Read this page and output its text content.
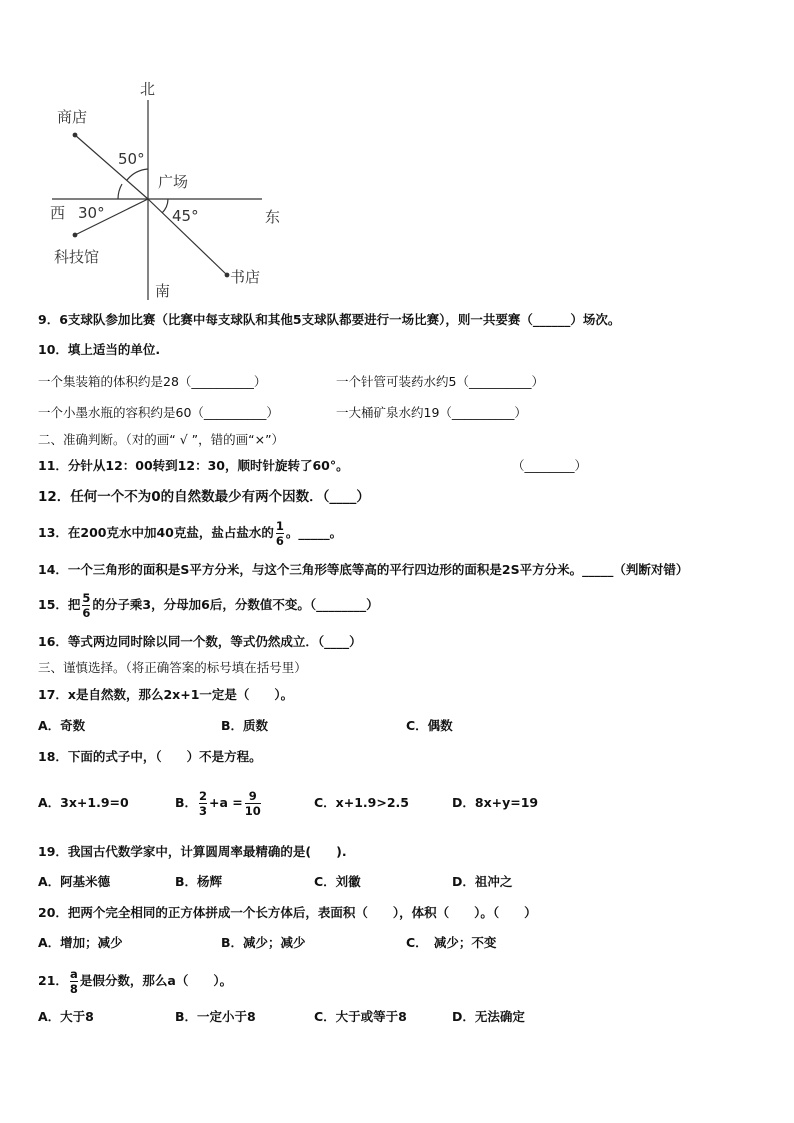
北
南
西	东
广场
商店
科技馆
书店
50°
30°	45°
9．6支球队参加比赛（比赛中每支球队和其他5支球队都要进行一场比赛），则一共要赛（______）场次。
10．填上适当的单位.
一个集装箱的体积约是28（__________）	一个针管可装药水约5（__________）
一个小墨水瓶的容积约是60（__________）	一大桶矿泉水约19（__________）
二、准确判断。（对的画“ √ ”，错的画“×”）
11．分针从12：00转到12：30，顺时针旋转了60°。	（________）
12．任何一个不为0的自然数最少有两个因数．（____）
13．在200克水中加40克盐，盐占盐水的 $\frac{1}{6}$ 。_____。
14．一个三角形的面积是S平方分米，与这个三角形等底等高的平行四边形的面积是2S平方分米。_____（判断对错）
15．把 $\frac{5}{6}$ 的分子乘3，分母加6后，分数值不变。（________）
16．等式两边同时除以同一个数，等式仍然成立．（____）
三、谨慎选择。（将正确答案的标号填在括号里）
17．x是自然数，那么2x+1一定是（　　）。
A．奇数	B．质数	C．偶数
18．下面的式子中，（　　）不是方程。
A．3x+1.9=0	B． $\frac{2}{3} +a = \frac{9}{10}$	C．x+1.9>2.5	D．8x+y=19
19．我国古代数学家中，计算圆周率最精确的是(　　).
A．阿基米德	B．杨辉	C．刘徽	D．祖冲之
20．把两个完全相同的正方体拼成一个长方体后，表面积（　　），体积（　　）。（　　）
A．增加；减少	B．减少；减少	C．　减少；不变
21． $\frac{a}{8}$ 是假分数，那么a（　　）。
A．大于8	B．一定小于8	C．大于或等于8	D．无法确定
